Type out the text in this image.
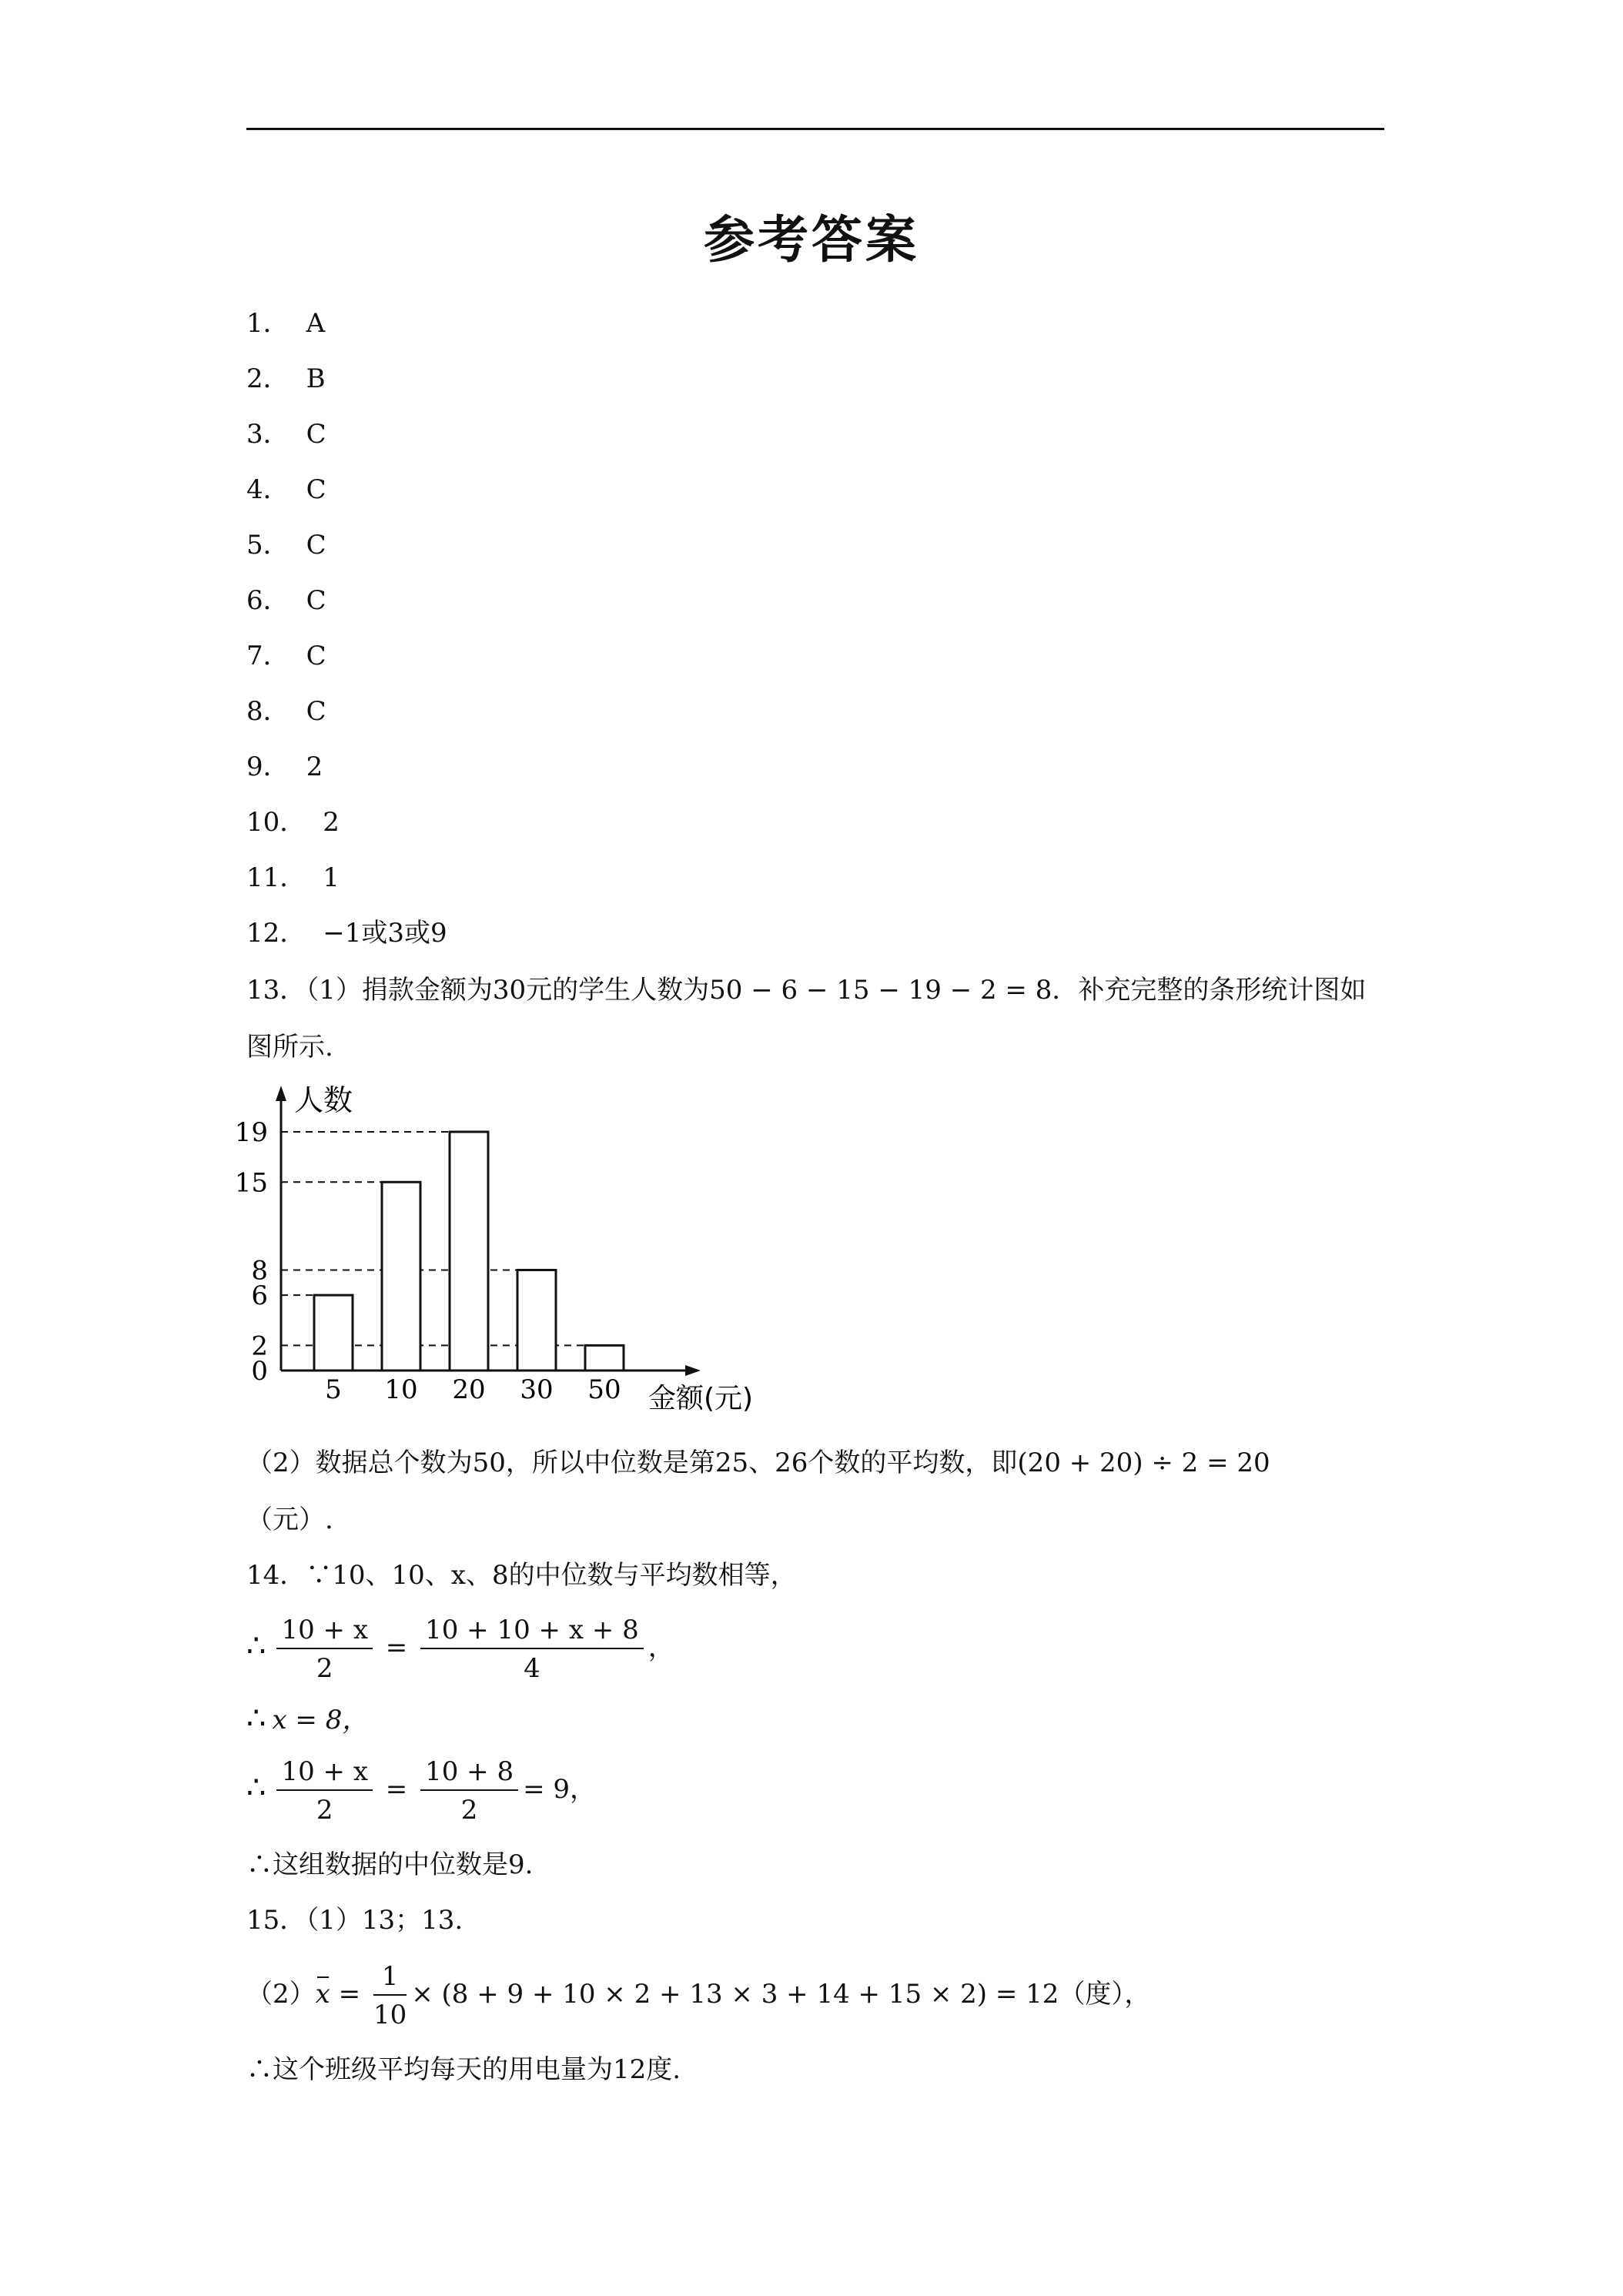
参考答案
1． A
2． B
3． C
4． C
5． C
6． C
7． C
8． C
9． 2
10． 2
11． 1
12． −1或3或9
13．（1）捐款金额为30元的学生人数为50 − 6 − 15 − 19 − 2 = 8．补充完整的条形统计图如
图所示.
人数
金额(元)
5 10 20 30 50
0
2
6
8
15
19
（2）数据总个数为50，所以中位数是第25、26个数的平均数，即(20 + 20) ÷ 2 = 20
（元）.
14．∵10、10、x、8的中位数与平均数相等，
∴ $\frac{10 + x}{2} = \frac{10 + 10 + x + 8}{4}$ ，
∴ x = 8，
∴ $\frac{10 + x}{2} = \frac{10 + 8}{2} = 9$，
∴这组数据的中位数是9.
15．（1）13；13.
$(2)x = \frac{1}{10} \times (8 + 9 + 10 \times 2 + 13 \times 3 + 14 + 15 \times 2) = 12$（度），
∴这个班级平均每天的用电量为12度.
